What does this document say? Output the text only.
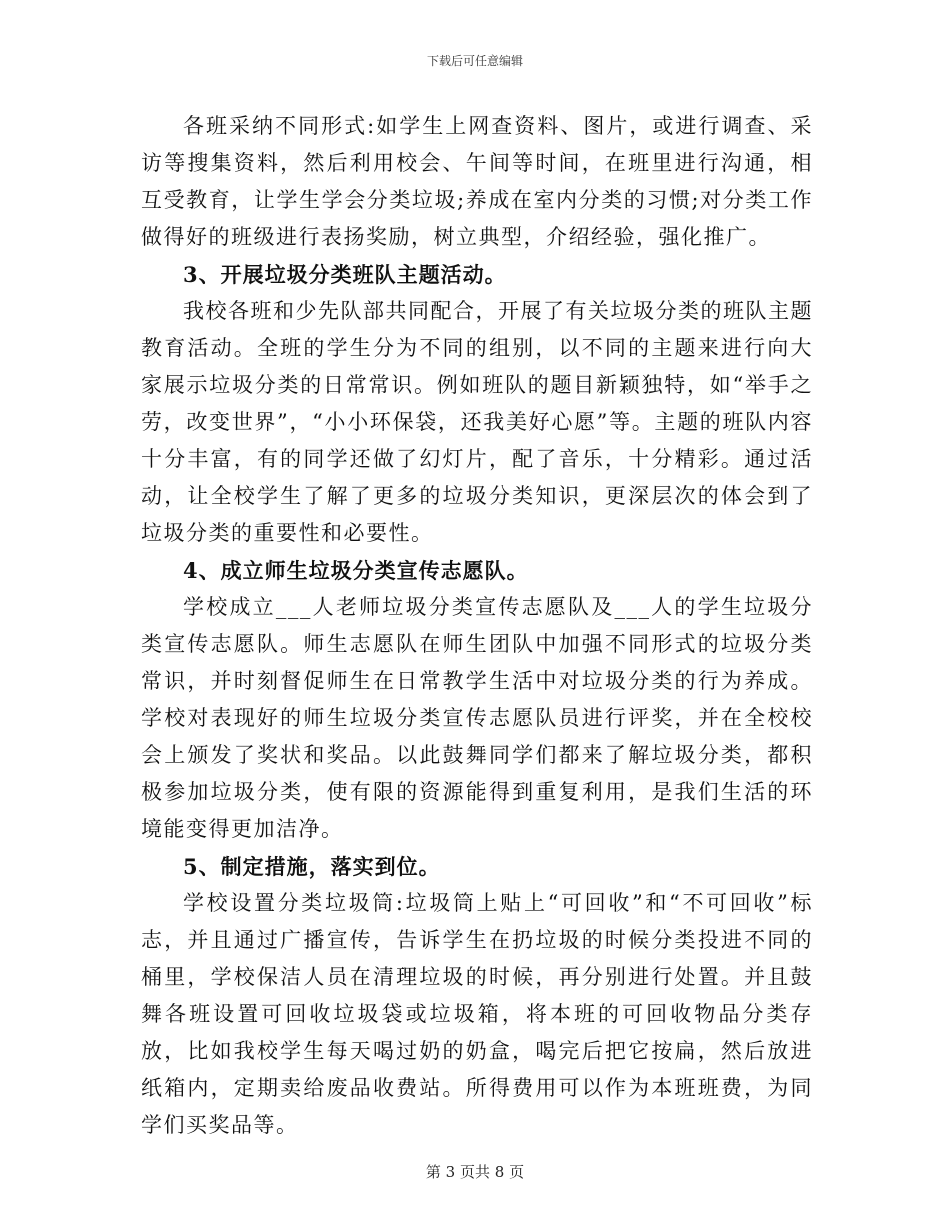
下载后可任意编辑

各班采纳不同形式:如学生上网查资料、图片，或进行调查、采访等搜集资料，然后利用校会、午间等时间，在班里进行沟通，相互受教育，让学生学会分类垃圾;养成在室内分类的习惯;对分类工作做得好的班级进行表扬奖励，树立典型，介绍经验，强化推广。

3、开展垃圾分类班队主题活动。

我校各班和少先队部共同配合，开展了有关垃圾分类的班队主题教育活动。全班的学生分为不同的组别，以不同的主题来进行向大家展示垃圾分类的日常常识。例如班队的题目新颖独特，如“举手之劳，改变世界”，“小小环保袋，还我美好心愿”等。主题的班队内容十分丰富，有的同学还做了幻灯片，配了音乐，十分精彩。通过活动，让全校学生了解了更多的垃圾分类知识，更深层次的体会到了垃圾分类的重要性和必要性。

4、成立师生垃圾分类宣传志愿队。

学校成立___人老师垃圾分类宣传志愿队及___人的学生垃圾分类宣传志愿队。师生志愿队在师生团队中加强不同形式的垃圾分类常识，并时刻督促师生在日常教学生活中对垃圾分类的行为养成。学校对表现好的师生垃圾分类宣传志愿队员进行评奖，并在全校校会上颁发了奖状和奖品。以此鼓舞同学们都来了解垃圾分类，都积极参加垃圾分类，使有限的资源能得到重复利用，是我们生活的环境能变得更加洁净。

5、制定措施，落实到位。

学校设置分类垃圾筒:垃圾筒上贴上“可回收”和“不可回收”标志，并且通过广播宣传，告诉学生在扔垃圾的时候分类投进不同的桶里，学校保洁人员在清理垃圾的时候，再分别进行处置。并且鼓舞各班设置可回收垃圾袋或垃圾箱，将本班的可回收物品分类存放，比如我校学生每天喝过奶的奶盒，喝完后把它按扁，然后放进纸箱内，定期卖给废品收费站。所得费用可以作为本班班费，为同学们买奖品等。

第 3 页共 8 页
